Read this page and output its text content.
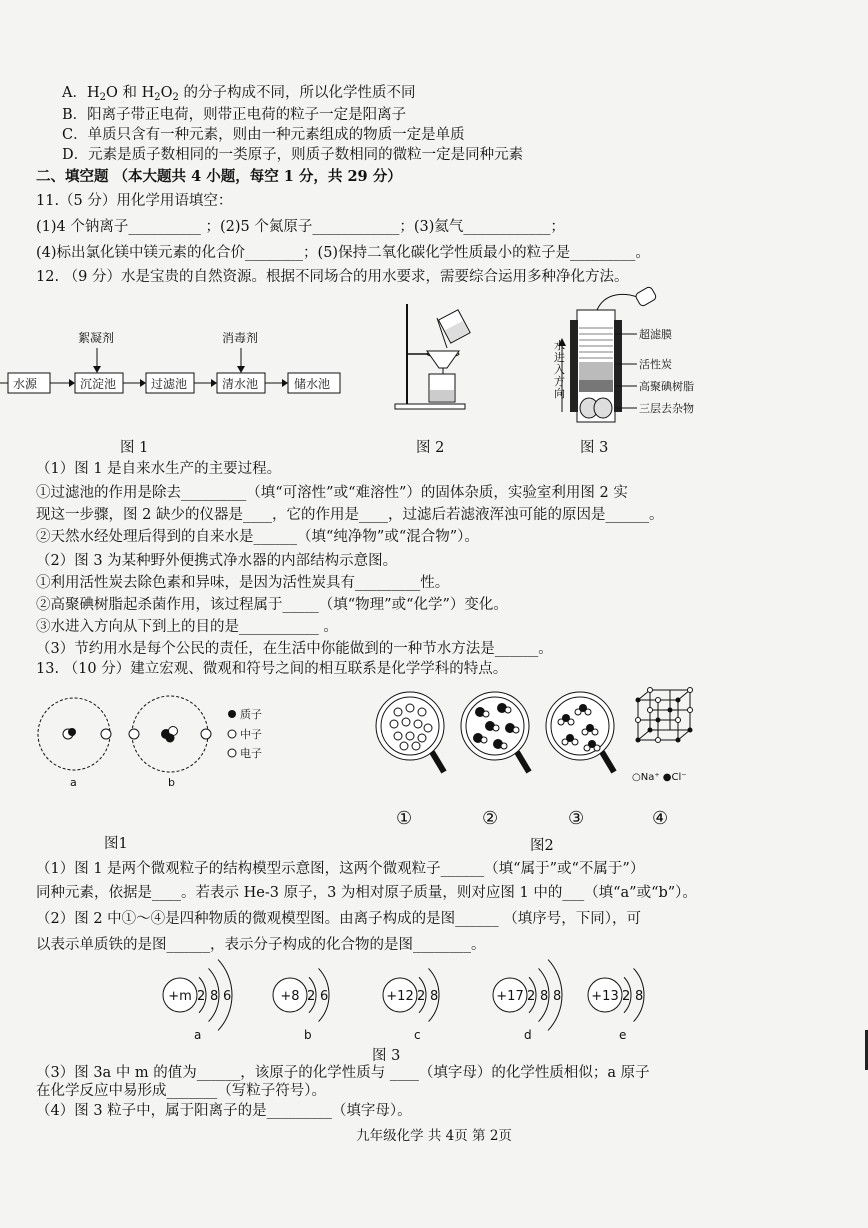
A．$H_2O$ 和 $H_2O_2$ 的分子构成不同，所以化学性质不同
B．阳离子带正电荷，则带正电荷的粒子一定是阳离子
C．单质只含有一种元素，则由一种元素组成的物质一定是单质
D．元素是质子数相同的一类原子，则质子数相同的微粒一定是同种元素
二、填空题 （本大题共 4 小题，每空 1 分，共 29 分）
11.（5 分）用化学用语填空：
(1)4 个钠离子__________ ；(2)5 个氮原子____________；(3)氦气____________；
(4)标出氯化镁中镁元素的化合价________；(5)保持二氧化碳化学性质最小的粒子是_________。
12. （9 分）水是宝贵的自然资源。根据不同场合的用水要求，需要综合运用多种净化方法。
絮凝剂	消毒剂
水源	沉淀池	过滤池	清水池	储水池
图 1	图 2
超滤膜
活性炭
高聚碘树脂
三层去杂物
水进入方向
图 3
（1）图 1 是自来水生产的主要过程。
①过滤池的作用是除去_________（填“可溶性”或“难溶性”）的固体杂质，实验室利用图 2 实
现这一步骤，图 2 缺少的仪器是____，它的作用是____，过滤后若滤液浑浊可能的原因是______。
②天然水经处理后得到的自来水是______（填“纯净物”或“混合物”）。
（2）图 3 为某种野外便携式净水器的内部结构示意图。
①利用活性炭去除色素和异味，是因为活性炭具有_________性。
②高聚碘树脂起杀菌作用，该过程属于_____（填“物理”或“化学”）变化。
③水进入方向从下到上的目的是___________ 。
（3）节约用水是每个公民的责任，在生活中你能做到的一种节水方法是______。
13. （10 分）建立宏观、微观和符号之间的相互联系是化学学科的特点。
质子
中子
电子
a	b
图1
○Na⁺ ●Cl⁻
①	②	③	④
图2
（1）图 1 是两个微观粒子的结构模型示意图，这两个微观粒子______（填“属于”或“不属于”）
同种元素，依据是____。若表示 He-3 原子，3 为相对原子质量，则对应图 1 中的___（填“a”或“b”）。
（2）图 2 中①～④是四种物质的微观模型图。由离子构成的是图______ （填序号，下同），可
以表示单质铁的是图______，表示分子构成的化合物的是图________。
+m 2 8 6
a
+8 2 6
b
+12 2 8
c
+17 2 8 8
d
+13 2 8
e
图 3
（3）图 3a 中 m 的值为______，该原子的化学性质与 ____（填字母）的化学性质相似；a 原子
在化学反应中易形成_______（写粒子符号）。
（4）图 3 粒子中，属于阳离子的是_________（填字母）。
九年级化学 共 4页 第 2页
